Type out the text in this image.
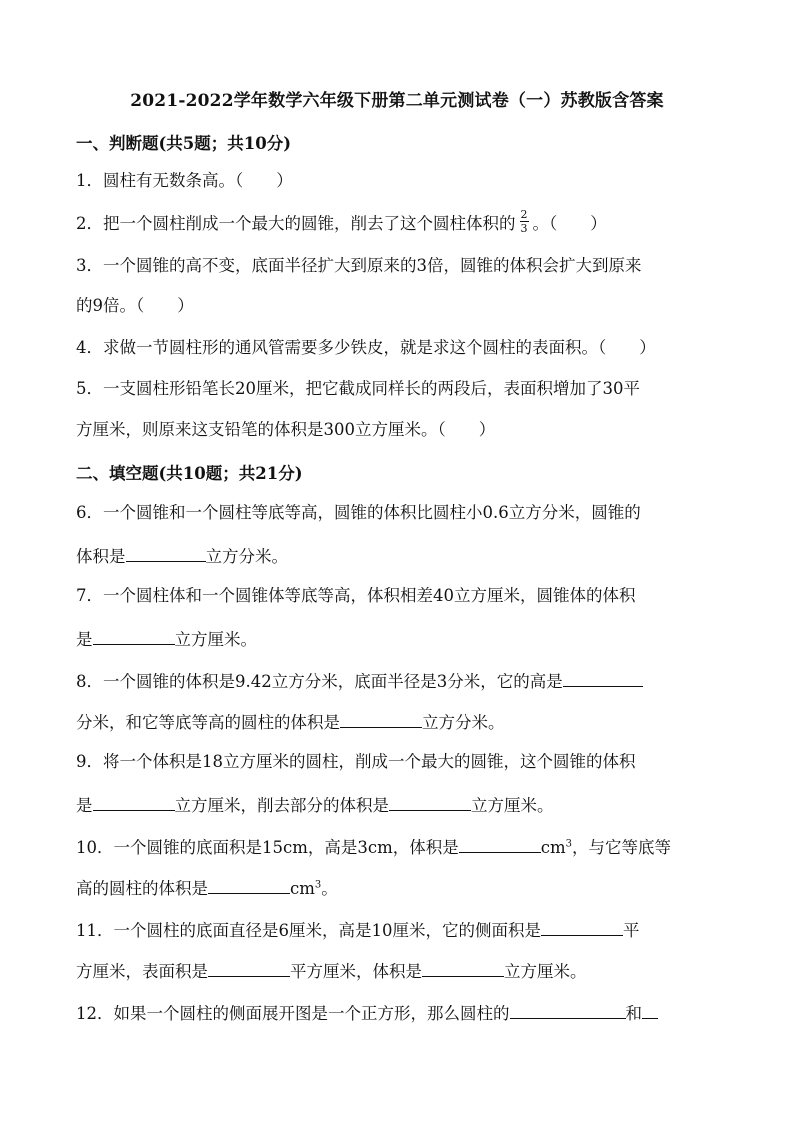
2021-2022学年数学六年级下册第二单元测试卷（一）苏教版含答案
一、判断题(共5题；共10分)
1．圆柱有无数条高。（　　）
2．把一个圆柱削成一个最大的圆锥，削去了这个圆柱体积的 $\frac{2}{3}$ 。（　　）
3．一个圆锥的高不变，底面半径扩大到原来的3倍，圆锥的体积会扩大到原来
的9倍。（　　）
4．求做一节圆柱形的通风管需要多少铁皮，就是求这个圆柱的表面积。（　　）
5．一支圆柱形铅笔长20厘米，把它截成同样长的两段后，表面积增加了30平
方厘米，则原来这支铅笔的体积是300立方厘米。（　　）
二、填空题(共10题；共21分)
6．一个圆锥和一个圆柱等底等高，圆锥的体积比圆柱小0.6立方分米，圆锥的
体积是	立方分米。
7．一个圆柱体和一个圆锥体等底等高，体积相差40立方厘米，圆锥体的体积
是	立方厘米。
8．一个圆锥的体积是9.42立方分米，底面半径是3分米，它的高是
分米，和它等底等高的圆柱的体积是	立方分米。
9．将一个体积是18立方厘米的圆柱，削成一个最大的圆锥，这个圆锥的体积
是	立方厘米，削去部分的体积是	立方厘米。
10．一个圆锥的底面积是15cm，高是3cm，体积是	$cm^3$，与它等底等
高的圆柱的体积是	$cm^3$。
11．一个圆柱的底面直径是6厘米，高是10厘米，它的侧面积是	平
方厘米，表面积是	平方厘米，体积是	立方厘米。
12．如果一个圆柱的侧面展开图是一个正方形，那么圆柱的	和
